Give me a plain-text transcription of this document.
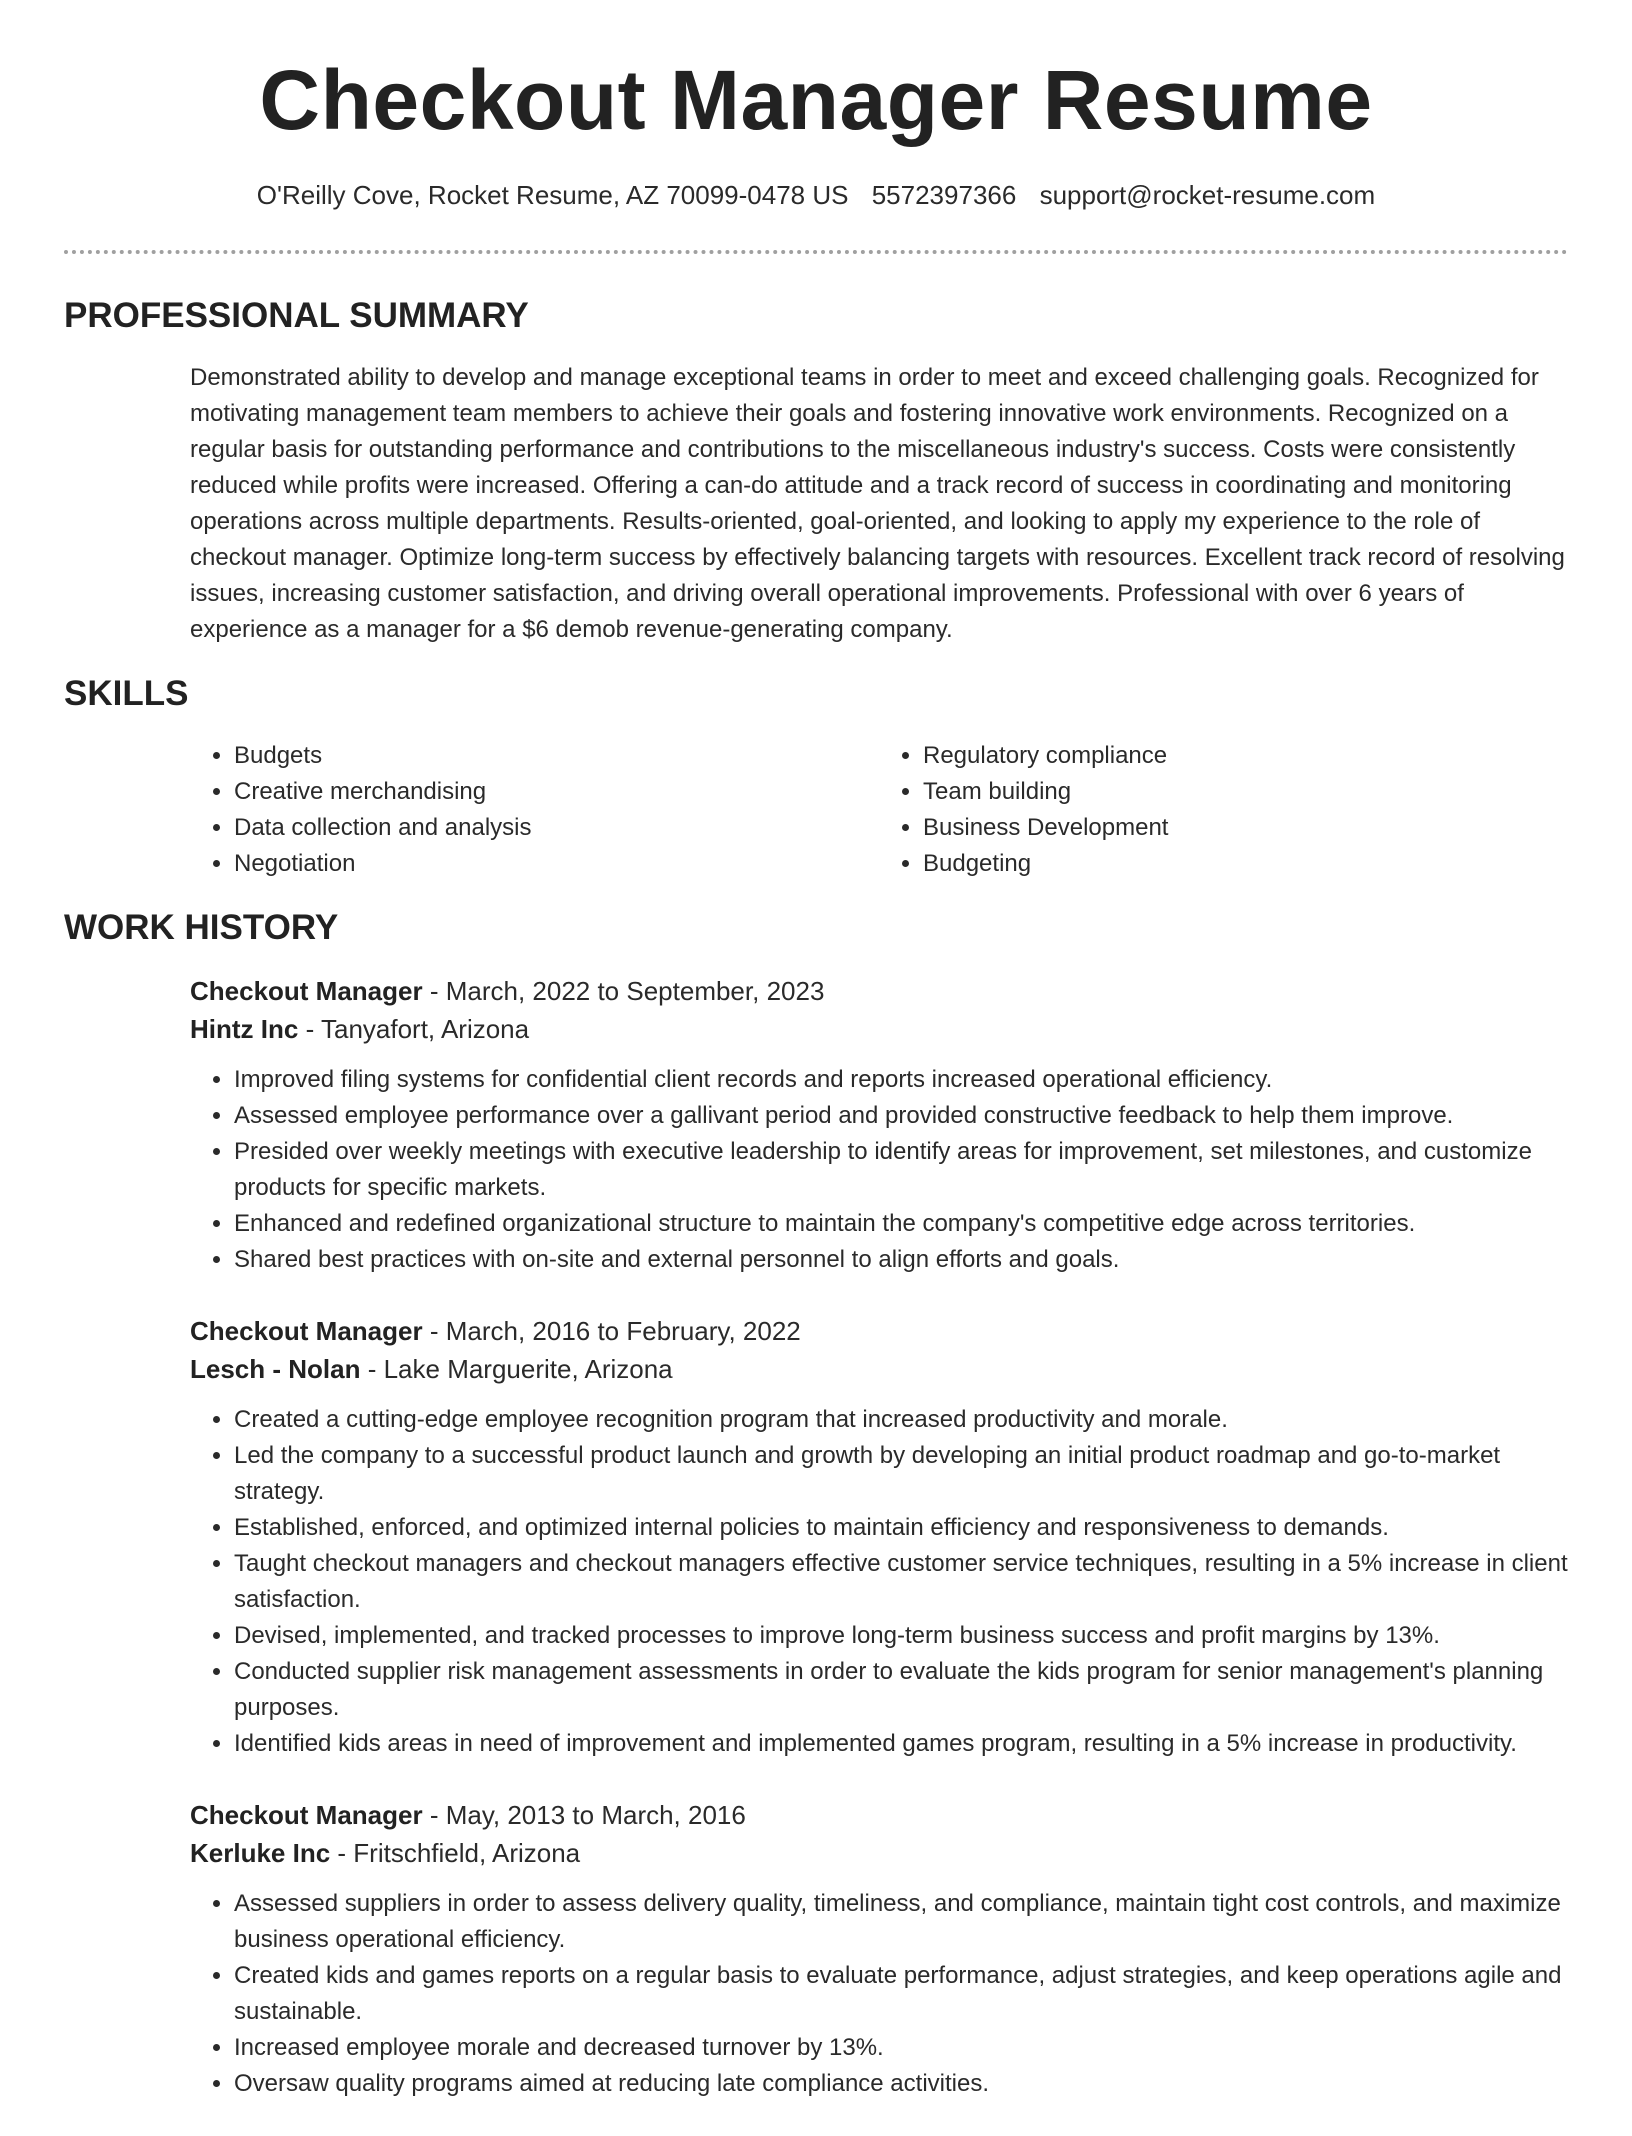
Checkout Manager Resume
O'Reilly Cove, Rocket Resume, AZ 70099-0478 US 5572397366 support@rocket-resume.com
PROFESSIONAL SUMMARY

Demonstrated ability to develop and manage exceptional teams in order to meet and exceed challenging goals. Recognized for motivating management team members to achieve their goals and fostering innovative work environments. Recognized on a regular basis for outstanding performance and contributions to the miscellaneous industry's success. Costs were consistently reduced while profits were increased. Offering a can-do attitude and a track record of success in coordinating and monitoring operations across multiple departments. Results-oriented, goal-oriented, and looking to apply my experience to the role of checkout manager. Optimize long-term success by effectively balancing targets with resources. Excellent track record of resolving issues, increasing customer satisfaction, and driving overall operational improvements. Professional with over 6 years of experience as a manager for a $6 demob revenue-generating company.

SKILLS
• Budgets
• Creative merchandising
• Data collection and analysis
• Negotiation
• Regulatory compliance
• Team building
• Business Development
• Budgeting
WORK HISTORY
Checkout Manager - March, 2022 to September, 2023
Hintz Inc - Tanyafort, Arizona
• Improved filing systems for confidential client records and reports increased operational efficiency.
• Assessed employee performance over a gallivant period and provided constructive feedback to help them improve.
• Presided over weekly meetings with executive leadership to identify areas for improvement, set milestones, and customize products for specific markets.
• Enhanced and redefined organizational structure to maintain the company's competitive edge across territories.
• Shared best practices with on-site and external personnel to align efforts and goals.
Checkout Manager - March, 2016 to February, 2022
Lesch - Nolan - Lake Marguerite, Arizona
• Created a cutting-edge employee recognition program that increased productivity and morale.
• Led the company to a successful product launch and growth by developing an initial product roadmap and go-to-market strategy.
• Established, enforced, and optimized internal policies to maintain efficiency and responsiveness to demands.
• Taught checkout managers and checkout managers effective customer service techniques, resulting in a 5% increase in client satisfaction.
• Devised, implemented, and tracked processes to improve long-term business success and profit margins by 13%.
• Conducted supplier risk management assessments in order to evaluate the kids program for senior management's planning purposes.
• Identified kids areas in need of improvement and implemented games program, resulting in a 5% increase in productivity.
Checkout Manager - May, 2013 to March, 2016
Kerluke Inc - Fritschfield, Arizona
• Assessed suppliers in order to assess delivery quality, timeliness, and compliance, maintain tight cost controls, and maximize business operational efficiency.
• Created kids and games reports on a regular basis to evaluate performance, adjust strategies, and keep operations agile and sustainable.
• Increased employee morale and decreased turnover by 13%.
• Oversaw quality programs aimed at reducing late compliance activities.
